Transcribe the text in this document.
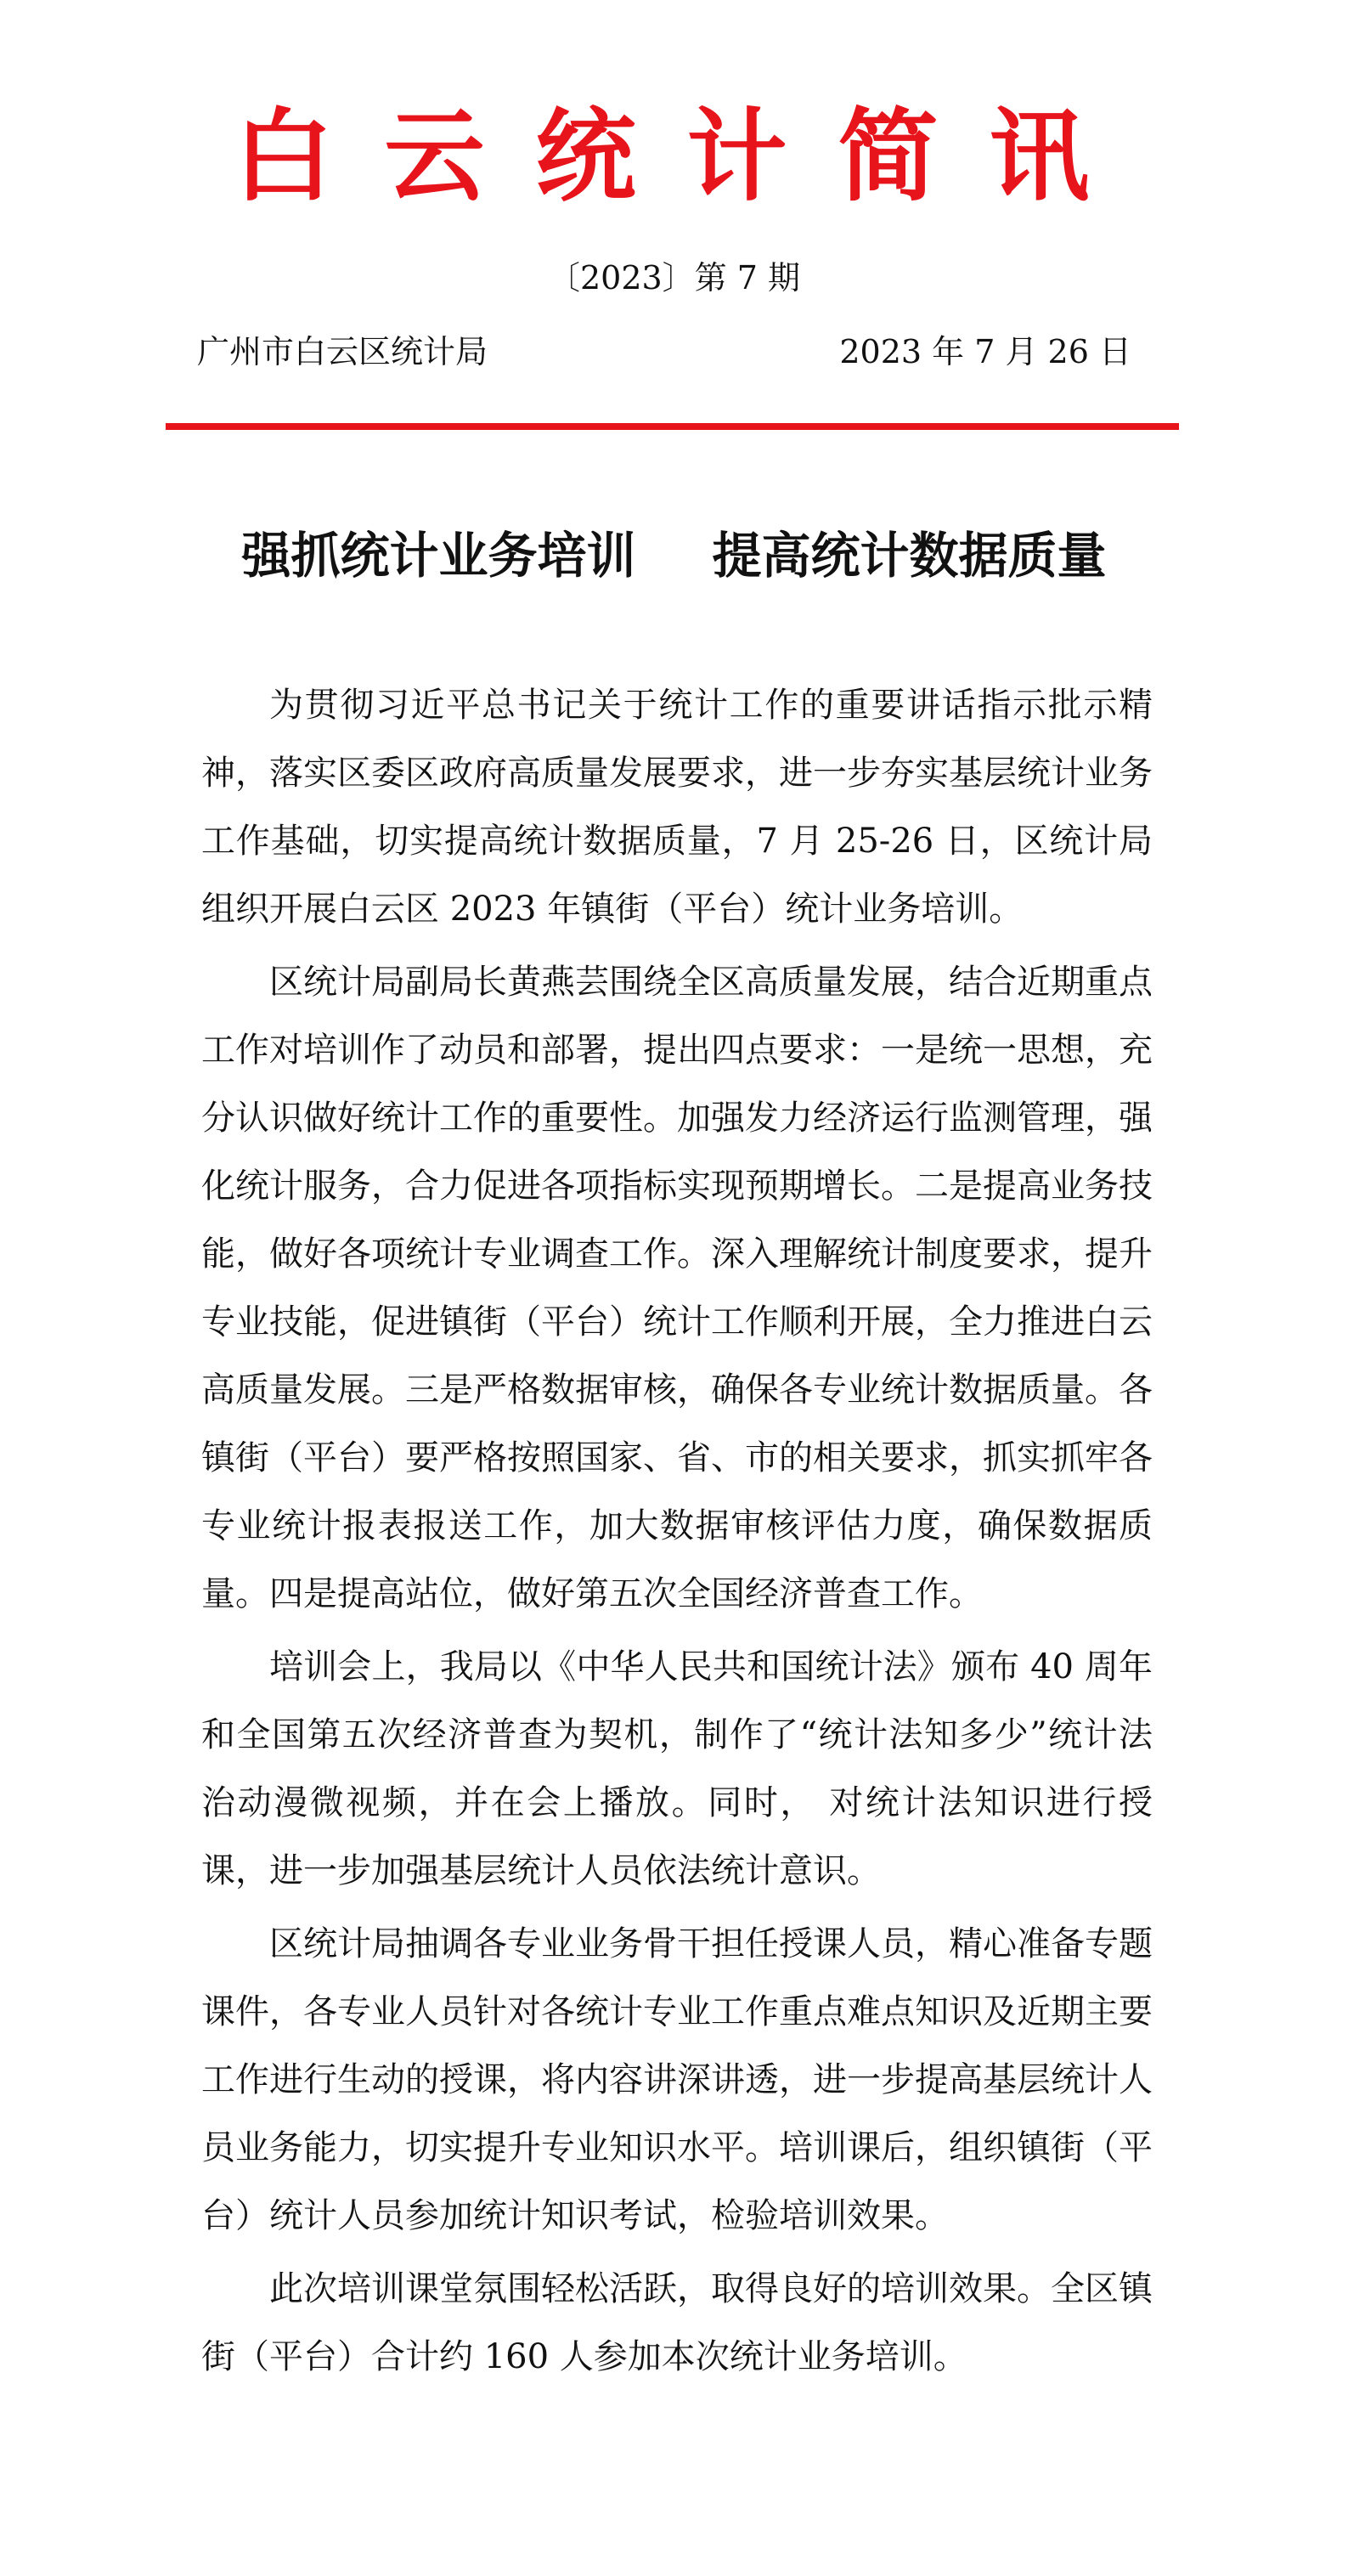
白云统计简讯
〔2023〕第 7 期
广州市白云区统计局	2023 年 7 月 26 日
强抓统计业务培训 提高统计数据质量

为贯彻习近平总书记关于统计工作的重要讲话指示批示精神，落实区委区政府高质量发展要求，进一步夯实基层统计业务工作基础，切实提高统计数据质量，7 月 25-26 日，区统计局组织开展白云区 2023 年镇街（平台）统计业务培训。

区统计局副局长黄燕芸围绕全区高质量发展，结合近期重点工作对培训作了动员和部署，提出四点要求：一是统一思想，充分认识做好统计工作的重要性。加强发力经济运行监测管理，强化统计服务，合力促进各项指标实现预期增长。二是提高业务技能，做好各项统计专业调查工作。深入理解统计制度要求，提升专业技能，促进镇街（平台）统计工作顺利开展，全力推进白云高质量发展。三是严格数据审核，确保各专业统计数据质量。各镇街（平台）要严格按照国家、省、市的相关要求，抓实抓牢各专业统计报表报送工作，加大数据审核评估力度，确保数据质量。四是提高站位，做好第五次全国经济普查工作。

培训会上，我局以《中华人民共和国统计法》颁布 40 周年和全国第五次经济普查为契机，制作了“统计法知多少”统计法治动漫微视频，并在会上播放。同时， 对统计法知识进行授课，进一步加强基层统计人员依法统计意识。

区统计局抽调各专业业务骨干担任授课人员，精心准备专题课件，各专业人员针对各统计专业工作重点难点知识及近期主要工作进行生动的授课，将内容讲深讲透，进一步提高基层统计人员业务能力，切实提升专业知识水平。培训课后，组织镇街（平台）统计人员参加统计知识考试，检验培训效果。

此次培训课堂氛围轻松活跃，取得良好的培训效果。全区镇街（平台）合计约 160 人参加本次统计业务培训。
